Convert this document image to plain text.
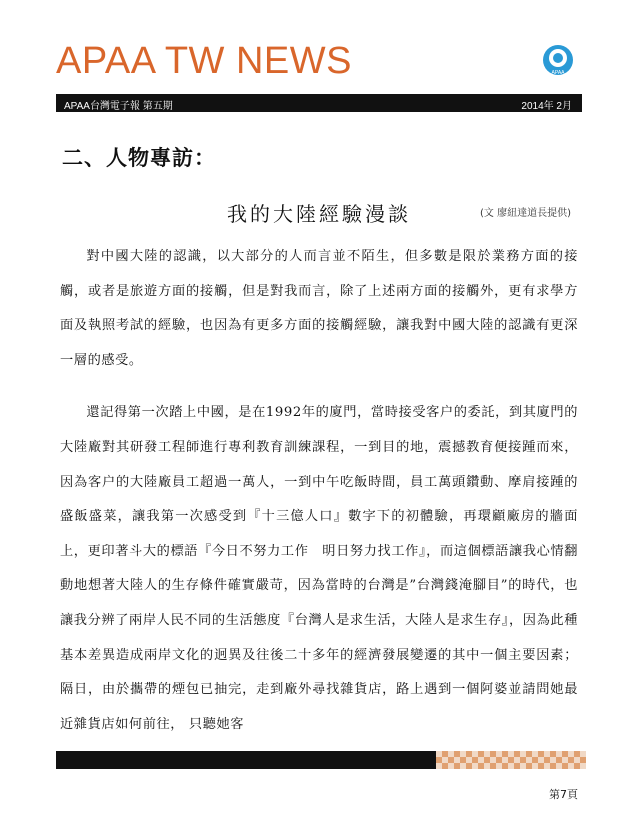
APAA TW NEWS	APAA
APAA台灣電子報 第五期	2014年 2月
二、人物專訪：
我的大陸經驗漫談	(文 廖紐達道長提供)

對中國大陸的認識，以大部分的人而言並不陌生，但多數是限於業務方面的接觸，或者是旅遊方面的接觸，但是對我而言，除了上述兩方面的接觸外，更有求學方面及執照考試的經驗，也因為有更多方面的接觸經驗，讓我對中國大陸的認識有更深一層的感受。

還記得第一次踏上中國，是在1992年的廈門，當時接受客户的委託，到其廈門的大陸廠對其研發工程師進行專利教育訓練課程，一到目的地，震撼教育便接踵而來，因為客户的大陸廠員工超過一萬人，一到中午吃飯時間，員工萬頭鑽動、摩肩接踵的盛飯盛菜，讓我第一次感受到『十三億人口』數字下的初體驗，再環顧廠房的牆面上，更印著斗大的標語『今日不努力工作　明日努力找工作』，而這個標語讓我心情翻動地想著大陸人的生存條件確實嚴苛，因為當時的台灣是”台灣錢淹腳目”的時代，也讓我分辨了兩岸人民不同的生活態度『台灣人是求生活，大陸人是求生存』，因為此種基本差異造成兩岸文化的迥異及往後二十多年的經濟發展變遷的其中一個主要因素； 隔日，由於攜帶的煙包已抽完，走到廠外尋找雜貨店，路上遇到一個阿婆並請問她最近雜貨店如何前往， 只聽她客

第7頁
